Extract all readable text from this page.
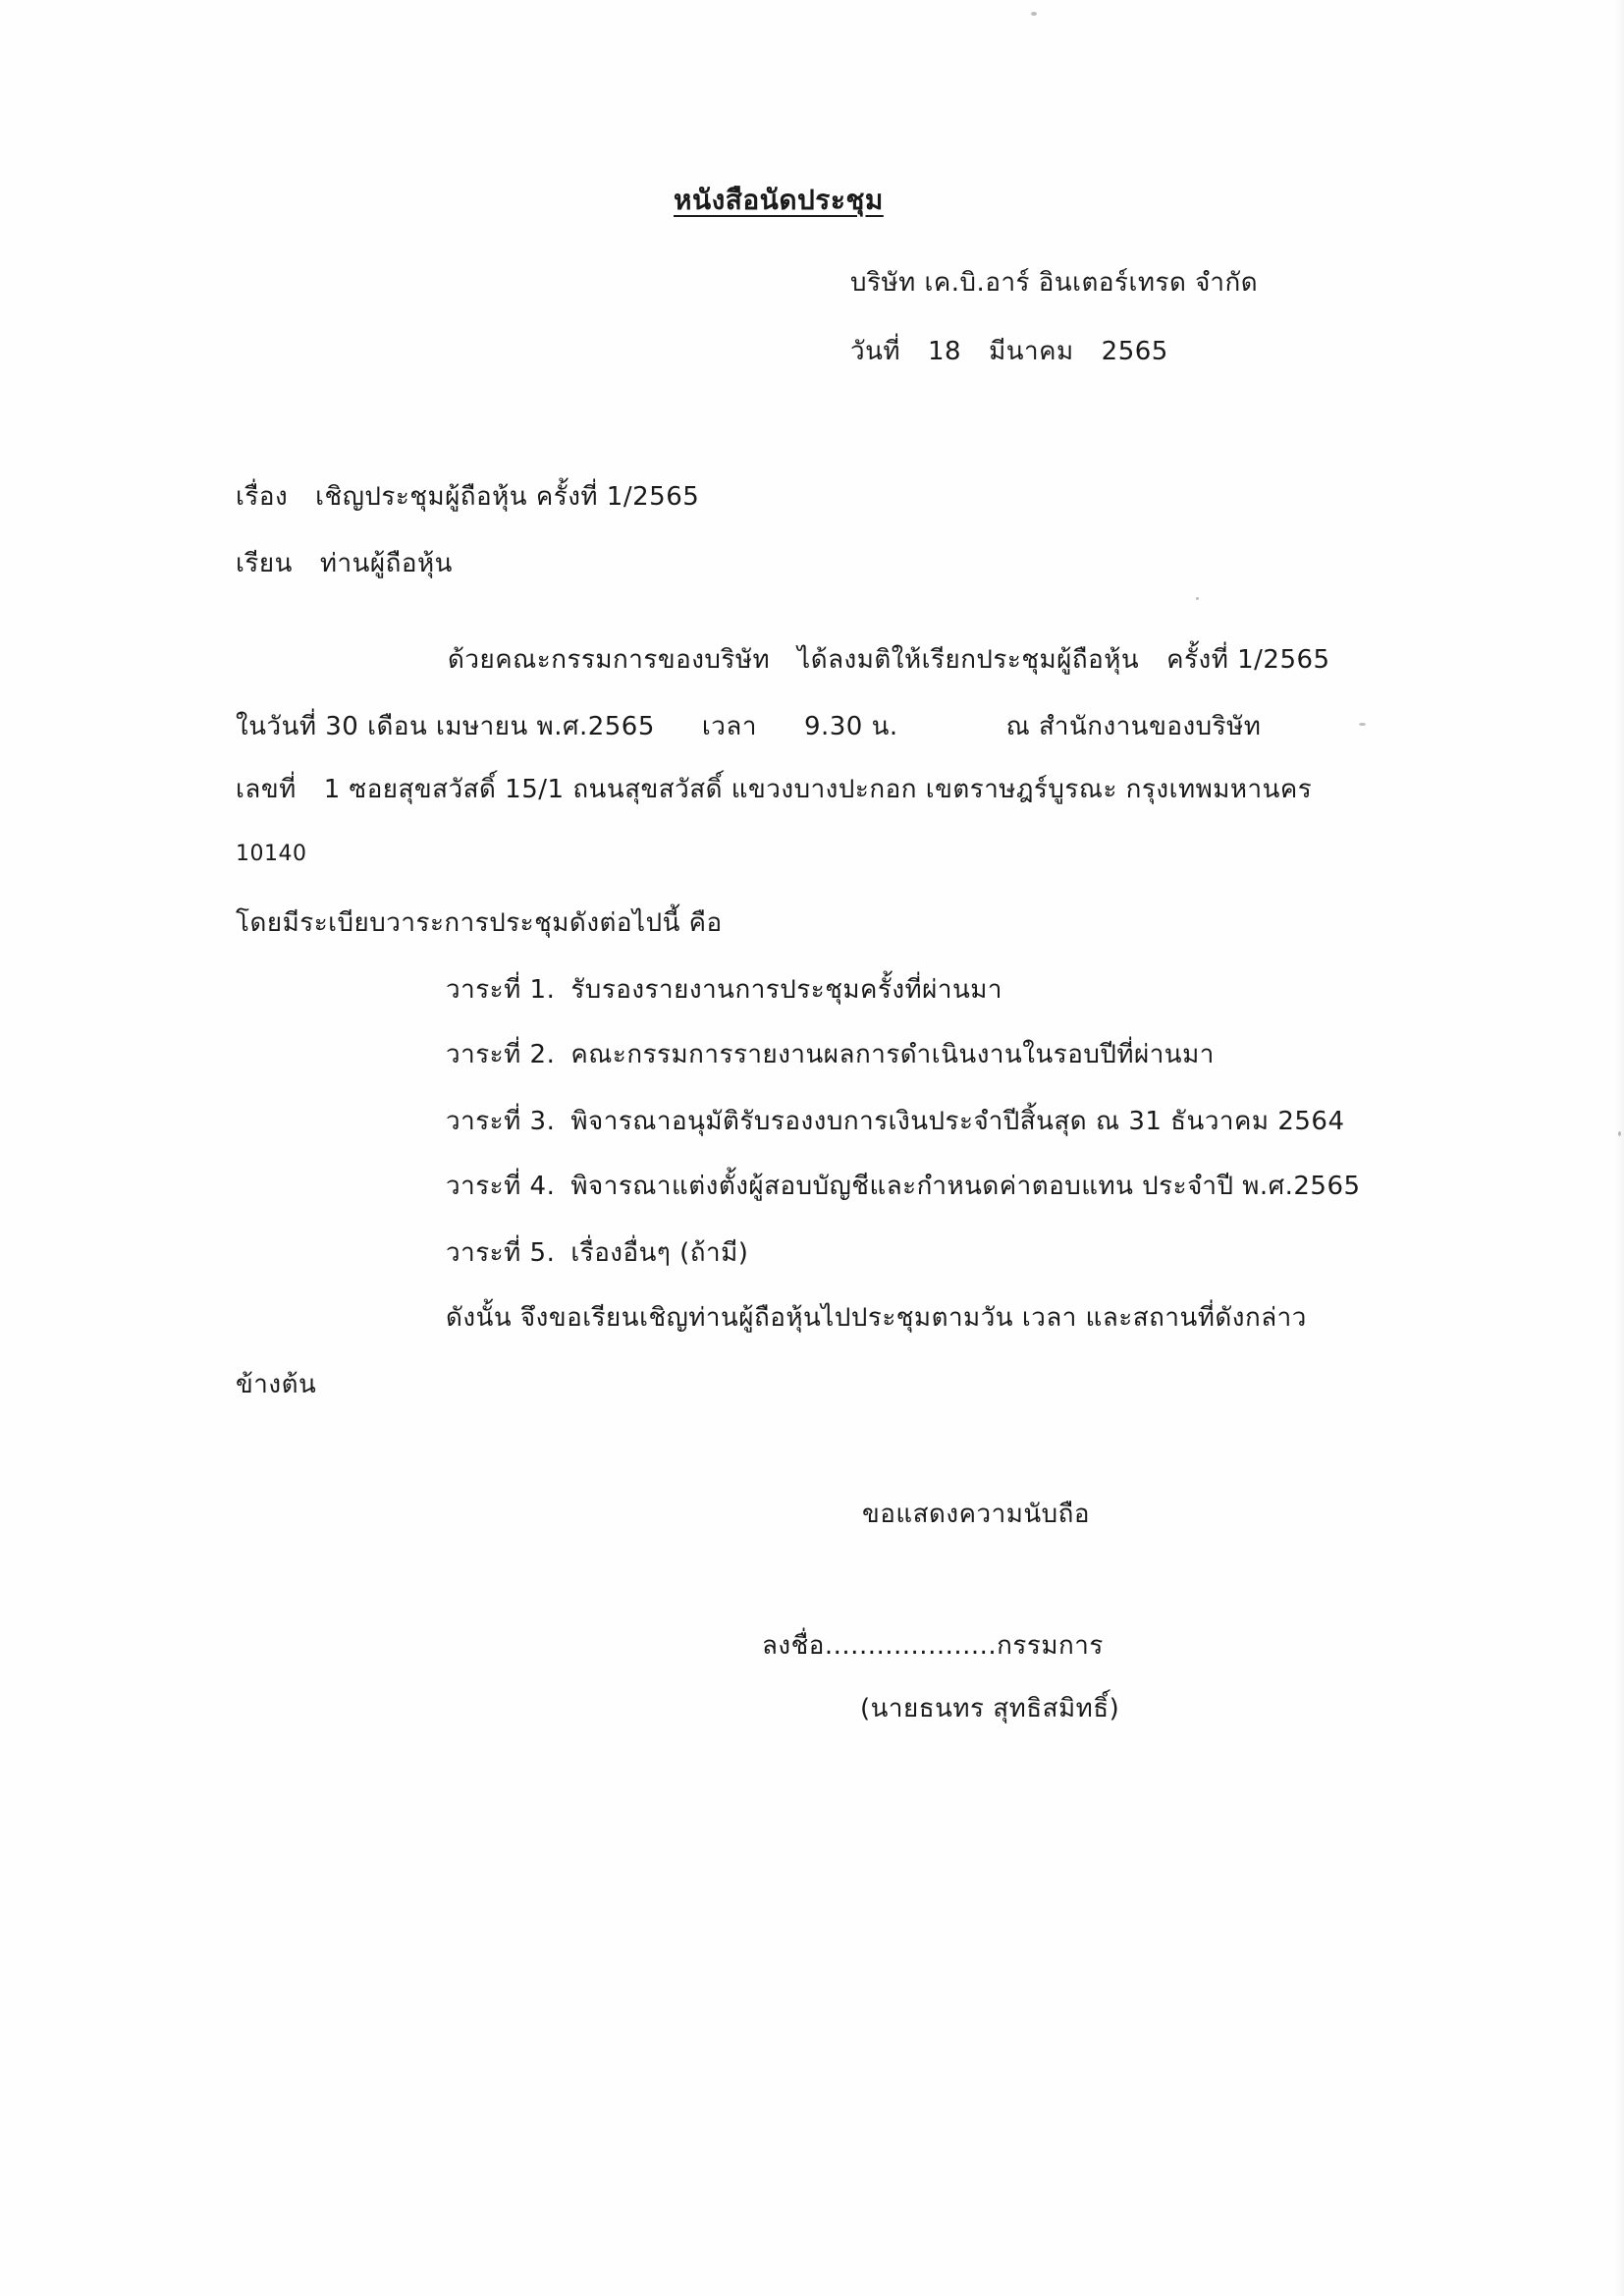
หนังสือนัดประชุม
บริษัท เค.บิ.อาร์ อินเตอร์เทรด จำกัด
วันที่ 18 มีนาคม 2565
เรื่อง เชิญประชุมผู้ถือหุ้น ครั้งที่ 1/2565
เรียน ท่านผู้ถือหุ้น
ด้วยคณะกรรมการของบริษัท ได้ลงมติให้เรียกประชุมผู้ถือหุ้น ครั้งที่ 1/2565
ในวันที่ 30 เดือน เมษายน พ.ศ.2565 เวลา 9.30 น.	ณ สำนักงานของบริษัท
เลขที่ 1 ซอยสุขสวัสดิ์ 15/1 ถนนสุขสวัสดิ์ แขวงบางปะกอก เขตราษฎร์บูรณะ กรุงเทพมหานคร
10140
โดยมีระเบียบวาระการประชุมดังต่อไปนี้ คือ
วาระที่ 1. รับรองรายงานการประชุมครั้งที่ผ่านมา
วาระที่ 2. คณะกรรมการรายงานผลการดำเนินงานในรอบปีที่ผ่านมา
วาระที่ 3. พิจารณาอนุมัติรับรองงบการเงินประจำปีสิ้นสุด ณ 31 ธันวาคม 2564
วาระที่ 4. พิจารณาแต่งตั้งผู้สอบบัญชีและกำหนดค่าตอบแทน ประจำปี พ.ศ.2565
วาระที่ 5. เรื่องอื่นๆ (ถ้ามี)
ดังนั้น จึงขอเรียนเชิญท่านผู้ถือหุ้นไปประชุมตามวัน เวลา และสถานที่ดังกล่าว
ข้างต้น
ขอแสดงความนับถือ
ลงชื่อ....................กรรมการ
(นายธนทร สุทธิสมิทธิ์)
